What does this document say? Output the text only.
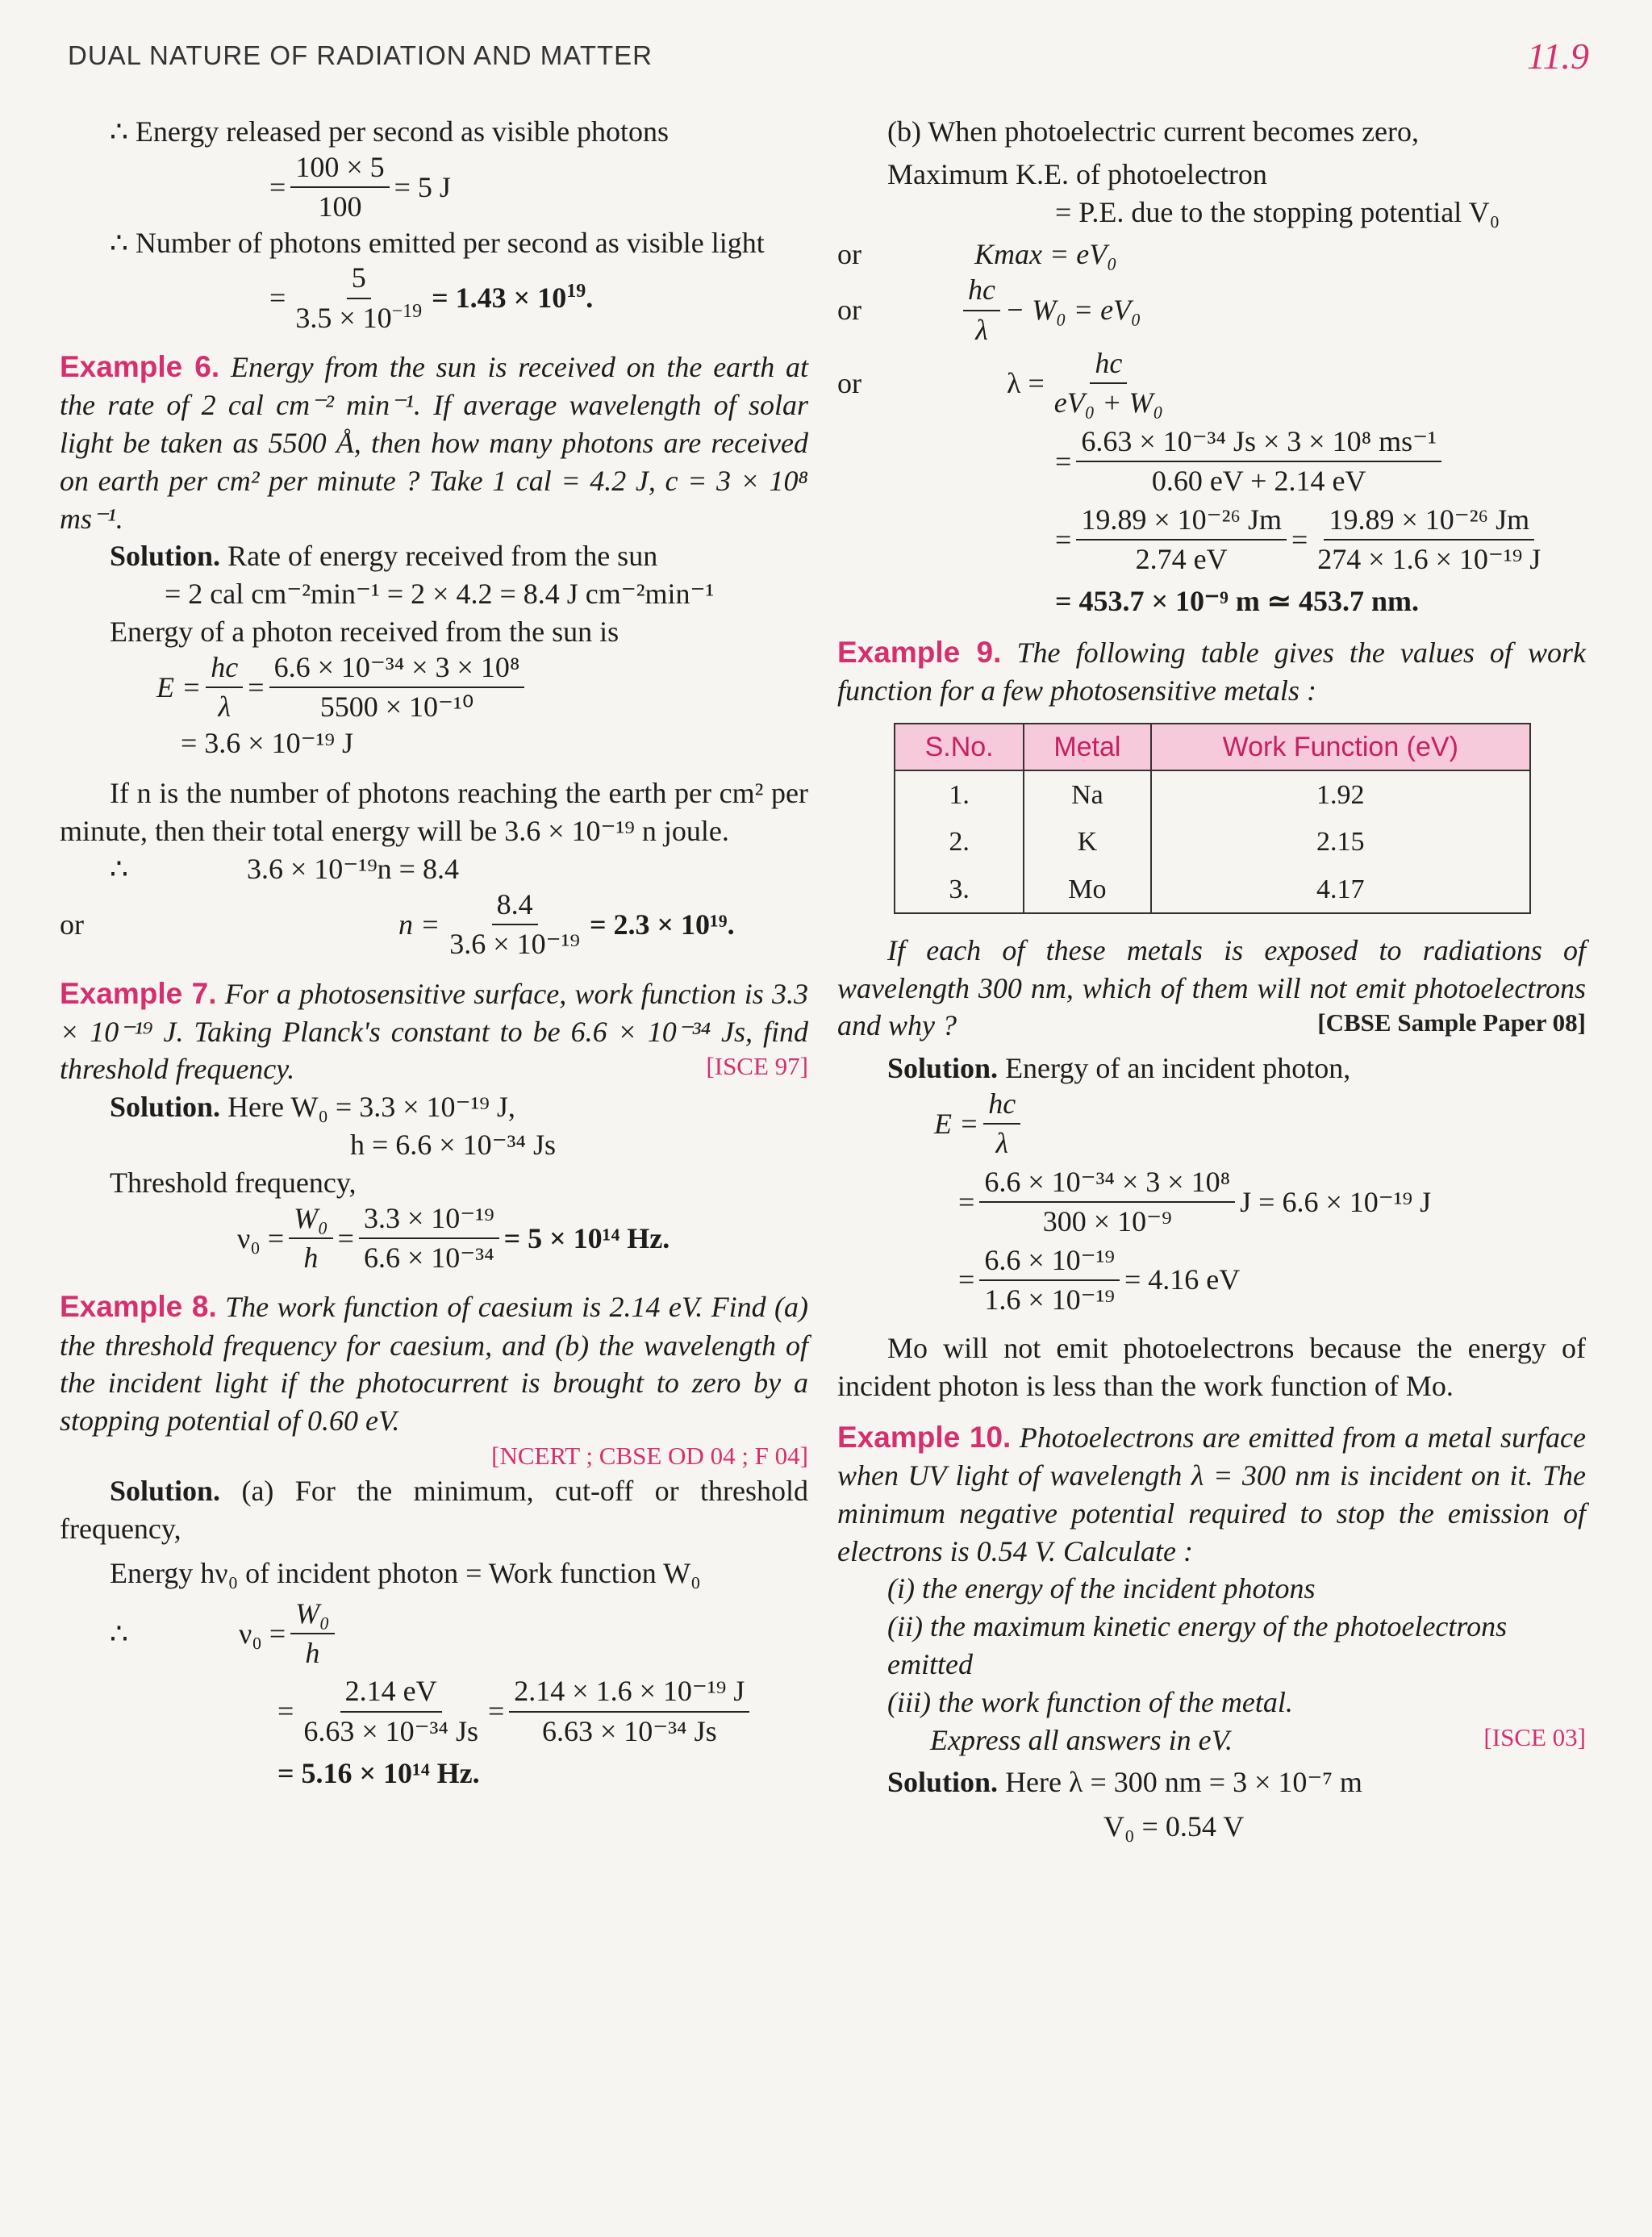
DUAL NATURE OF RADIATION AND MATTER	11.9

∴ Energy released per second as visible photons

= $\frac{100 \times 5}{100} = 5$ J

∴ Number of photons emitted per second as visible light

= $\frac{5}{3.5 \times 10^{-19}} = 1.43 \times 10^{19}$.

Example 6. Energy from the sun is received on the earth at the rate of 2 cal cm⁻² min⁻¹. If average wavelength of solar light be taken as 5500 Å, then how many photons are received on earth per cm² per minute ? Take 1 cal = 4.2 J, c = 3 × 10⁸ ms⁻¹.

Solution. Rate of energy received from the sun

= 2 cal cm⁻²min⁻¹ = 2 × 4.2 = 8.4 J cm⁻²min⁻¹

Energy of a photon received from the sun is

$E = \frac{hc}{\lambda} = \frac{\text{6.6 × 10⁻³⁴ × 3 × 10⁸}}{\text{5500 × 10⁻¹⁰}}$

= 3.6 × 10⁻¹⁹ J

If n is the number of photons reaching the earth per cm² per minute, then their total energy will be 3.6 × 10⁻¹⁹ n joule.

∴	3.6 × 10⁻¹⁹n = 8.4
or	$n = \frac{8.4}{\text{3.6 × 10⁻¹⁹}} = 2.3 \times 10^{19}$.

Example 7. For a photosensitive surface, work function is 3.3 × 10⁻¹⁹ J. Taking Planck's constant to be 6.6 × 10⁻³⁴ Js, find threshold frequency.	[ISCE 97]

Solution. Here W₀ = 3.3 × 10⁻¹⁹ J,

h = 6.6 × 10⁻³⁴ Js

Threshold frequency,

$\nu_0 = \frac{\text{W₀}}{h} = \frac{\text{3.3 × 10⁻¹⁹}}{\text{6.6 × 10⁻³⁴}} = 5 \times 10^{14}$ Hz.

Example 8. The work function of caesium is 2.14 eV. Find (a) the threshold frequency for caesium, and (b) the wavelength of the incident light if the photocurrent is brought to zero by a stopping potential of 0.60 eV.

[NCERT ; CBSE OD 04 ; F 04]

Solution. (a) For the minimum, cut-off or threshold frequency,

Energy hν₀ of incident photon = Work function W₀

∴	$\nu_0 = \frac{\text{W₀}}{h}$
= $\frac{2.14 eV}{\text{6.63 × 10⁻³⁴ Js}} = \frac{\text{2.14 × 1.6 × 10⁻¹⁹ J}}{\text{6.63 × 10⁻³⁴ Js}}$

= 5.16 × 10¹⁴ Hz.

(b) When photoelectric current becomes zero,

Maximum K.E. of photoelectron

= P.E. due to the stopping potential V₀

or	Kmax = eV₀
or	$\frac{hc}{\lambda} - W_0 = eV_0$
or	$\lambda = \frac{hc}{\text{eV₀ + W₀}}$
= $\frac{\text{6.63 × 10⁻³⁴ Js × 3 × 10⁸ ms⁻¹}}{0.60 eV + 2.14 eV}$
= $\frac{\text{19.89 × 10⁻²⁶ Jm}}{2.74 eV} = \frac{\text{19.89 × 10⁻²⁶ Jm}}{\text{274 × 1.6 × 10⁻¹⁹ J}}$

= 453.7 × 10⁻⁹ m ≃ 453.7 nm.

Example 9. The following table gives the values of work function for a few photosensitive metals :

S.No.	Metal	Work Function (eV)
1.	Na	1.92
2.	K	2.15
3.	Mo	4.17

If each of these metals is exposed to radiations of wavelength 300 nm, which of them will not emit photoelectrons and why ?	[CBSE Sample Paper 08]

Solution. Energy of an incident photon,

$E = \frac{hc}{\lambda}$
= $\frac{\text{6.6 × 10⁻³⁴ × 3 × 10⁸}}{\text{300 × 10⁻⁹}}$ J = 6.6 × 10⁻¹⁹ J
= $\frac{\text{6.6 × 10⁻¹⁹}}{\text{1.6 × 10⁻¹⁹}} = 4.16$ eV

Mo will not emit photoelectrons because the energy of incident photon is less than the work function of Mo.

Example 10. Photoelectrons are emitted from a metal surface when UV light of wavelength λ = 300 nm is incident on it. The minimum negative potential required to stop the emission of electrons is 0.54 V. Calculate :

(i) the energy of the incident photons

(ii) the maximum kinetic energy of the photoelectrons emitted

(iii) the work function of the metal.

Express all answers in eV.	[ISCE 03]

Solution. Here λ = 300 nm = 3 × 10⁻⁷ m

V₀ = 0.54 V
